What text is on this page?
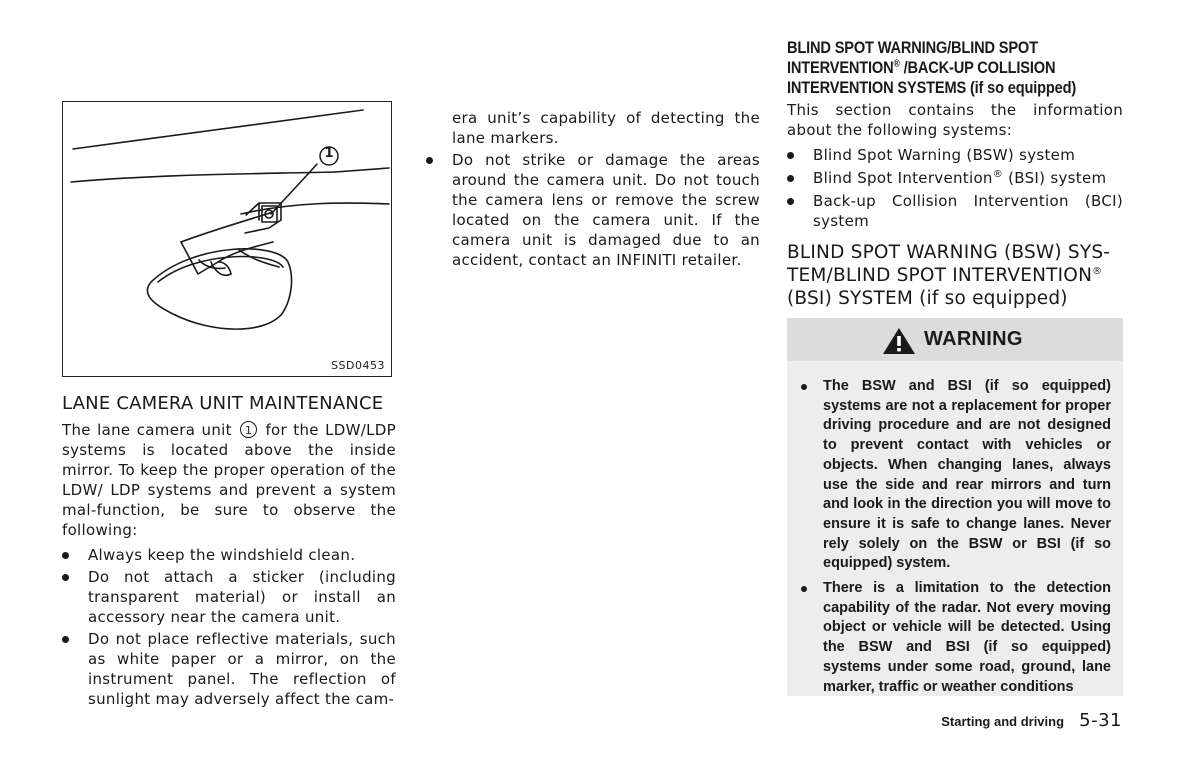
1
SSD0453
LANE CAMERA UNIT MAINTENANCE
The lane camera unit 1 for the LDW/LDP systems is located above the inside mirror. To keep the proper operation of the LDW/ LDP systems and prevent a system mal-function, be sure to observe the following:
Always keep the windshield clean.
Do not attach a sticker (including transparent material) or install an accessory near the camera unit.
Do not place reflective materials, such as white paper or a mirror, on the instrument panel. The reflection of sunlight may adversely affect the cam-
era unit’s capability of detecting the lane markers.
Do not strike or damage the areas around the camera unit. Do not touch the camera lens or remove the screw located on the camera unit. If the camera unit is damaged due to an accident, contact an INFINITI retailer.
BLIND SPOT WARNING/BLIND SPOT
INTERVENTION® /BACK-UP COLLISION
INTERVENTION SYSTEMS (if so equipped)
This section contains the information about the following systems:
Blind Spot Warning (BSW) system
Blind Spot Intervention® (BSI) system
Back-up Collision Intervention (BCI) system
BLIND SPOT WARNING (BSW) SYS-TEM/BLIND SPOT INTERVENTION® (BSI) SYSTEM (if so equipped)
WARNING
The BSW and BSI (if so equipped) systems are not a replacement for proper driving procedure and are not designed to prevent contact with vehicles or objects. When changing lanes, always use the side and rear mirrors and turn and look in the direction you will move to ensure it is safe to change lanes. Never rely solely on the BSW or BSI (if so equipped) system.
There is a limitation to the detection capability of the radar. Not every moving object or vehicle will be detected. Using the BSW and BSI (if so equipped) systems under some road, ground, lane marker, traffic or weather conditions
Starting and driving 5-31
